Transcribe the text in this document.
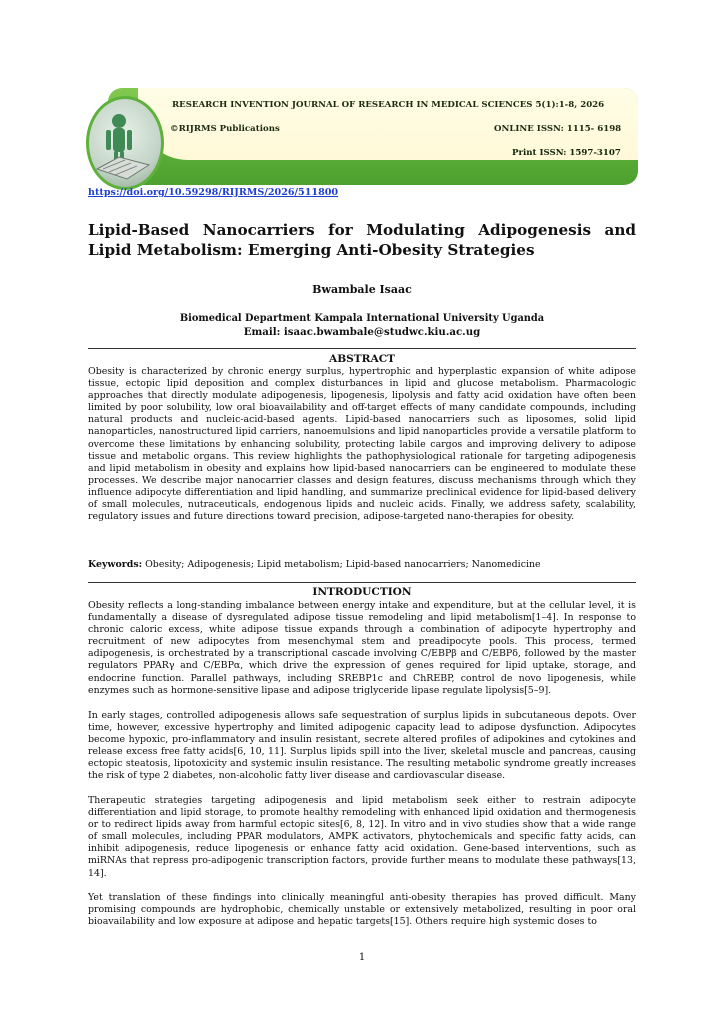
RESEARCH INVENTION JOURNAL OF RESEARCH IN MEDICAL SCIENCES 5(1):1-8, 2026
©RIJRMS Publications	ONLINE ISSN: 1115- 6198
Print ISSN: 1597-3107
https://doi.org/10.59298/RIJRMS/2026/511800
Lipid-Based Nanocarriers for Modulating Adipogenesis and Lipid Metabolism: Emerging Anti-Obesity Strategies
Bwambale Isaac
Biomedical Department Kampala International University Uganda
Email: isaac.bwambale@studwc.kiu.ac.ug
ABSTRACT

Obesity is characterized by chronic energy surplus, hypertrophic and hyperplastic expansion of white adipose tissue, ectopic lipid deposition and complex disturbances in lipid and glucose metabolism. Pharmacologic approaches that directly modulate adipogenesis, lipogenesis, lipolysis and fatty acid oxidation have often been limited by poor solubility, low oral bioavailability and off-target effects of many candidate compounds, including natural products and nucleic-acid-based agents. Lipid-based nanocarriers such as liposomes, solid lipid nanoparticles, nanostructured lipid carriers, nanoemulsions and lipid nanoparticles provide a versatile platform to overcome these limitations by enhancing solubility, protecting labile cargos and improving delivery to adipose tissue and metabolic organs. This review highlights the pathophysiological rationale for targeting adipogenesis and lipid metabolism in obesity and explains how lipid-based nanocarriers can be engineered to modulate these processes. We describe major nanocarrier classes and design features, discuss mechanisms through which they influence adipocyte differentiation and lipid handling, and summarize preclinical evidence for lipid-based delivery of small molecules, nutraceuticals, endogenous lipids and nucleic acids. Finally, we address safety, scalability, regulatory issues and future directions toward precision, adipose-targeted nano-therapies for obesity.

Keywords: Obesity; Adipogenesis; Lipid metabolism; Lipid-based nanocarriers; Nanomedicine

INTRODUCTION

Obesity reflects a long-standing imbalance between energy intake and expenditure, but at the cellular level, it is fundamentally a disease of dysregulated adipose tissue remodeling and lipid metabolism[1–4]. In response to chronic caloric excess, white adipose tissue expands through a combination of adipocyte hypertrophy and recruitment of new adipocytes from mesenchymal stem and preadipocyte pools. This process, termed adipogenesis, is orchestrated by a transcriptional cascade involving C/EBPβ and C/EBPδ, followed by the master regulators PPARγ and C/EBPα, which drive the expression of genes required for lipid uptake, storage, and endocrine function. Parallel pathways, including SREBP1c and ChREBP, control de novo lipogenesis, while enzymes such as hormone-sensitive lipase and adipose triglyceride lipase regulate lipolysis[5–9].

In early stages, controlled adipogenesis allows safe sequestration of surplus lipids in subcutaneous depots. Over time, however, excessive hypertrophy and limited adipogenic capacity lead to adipose dysfunction. Adipocytes become hypoxic, pro-inflammatory and insulin resistant, secrete altered profiles of adipokines and cytokines and release excess free fatty acids[6, 10, 11]. Surplus lipids spill into the liver, skeletal muscle and pancreas, causing ectopic steatosis, lipotoxicity and systemic insulin resistance. The resulting metabolic syndrome greatly increases the risk of type 2 diabetes, non-alcoholic fatty liver disease and cardiovascular disease.

Therapeutic strategies targeting adipogenesis and lipid metabolism seek either to restrain adipocyte differentiation and lipid storage, to promote healthy remodeling with enhanced lipid oxidation and thermogenesis or to redirect lipids away from harmful ectopic sites[6, 8, 12]. In vitro and in vivo studies show that a wide range of small molecules, including PPAR modulators, AMPK activators, phytochemicals and specific fatty acids, can inhibit adipogenesis, reduce lipogenesis or enhance fatty acid oxidation. Gene-based interventions, such as miRNAs that repress pro-adipogenic transcription factors, provide further means to modulate these pathways[13, 14].

Yet translation of these findings into clinically meaningful anti-obesity therapies has proved difficult. Many promising compounds are hydrophobic, chemically unstable or extensively metabolized, resulting in poor oral bioavailability and low exposure at adipose and hepatic targets[15]. Others require high systemic doses to

1
